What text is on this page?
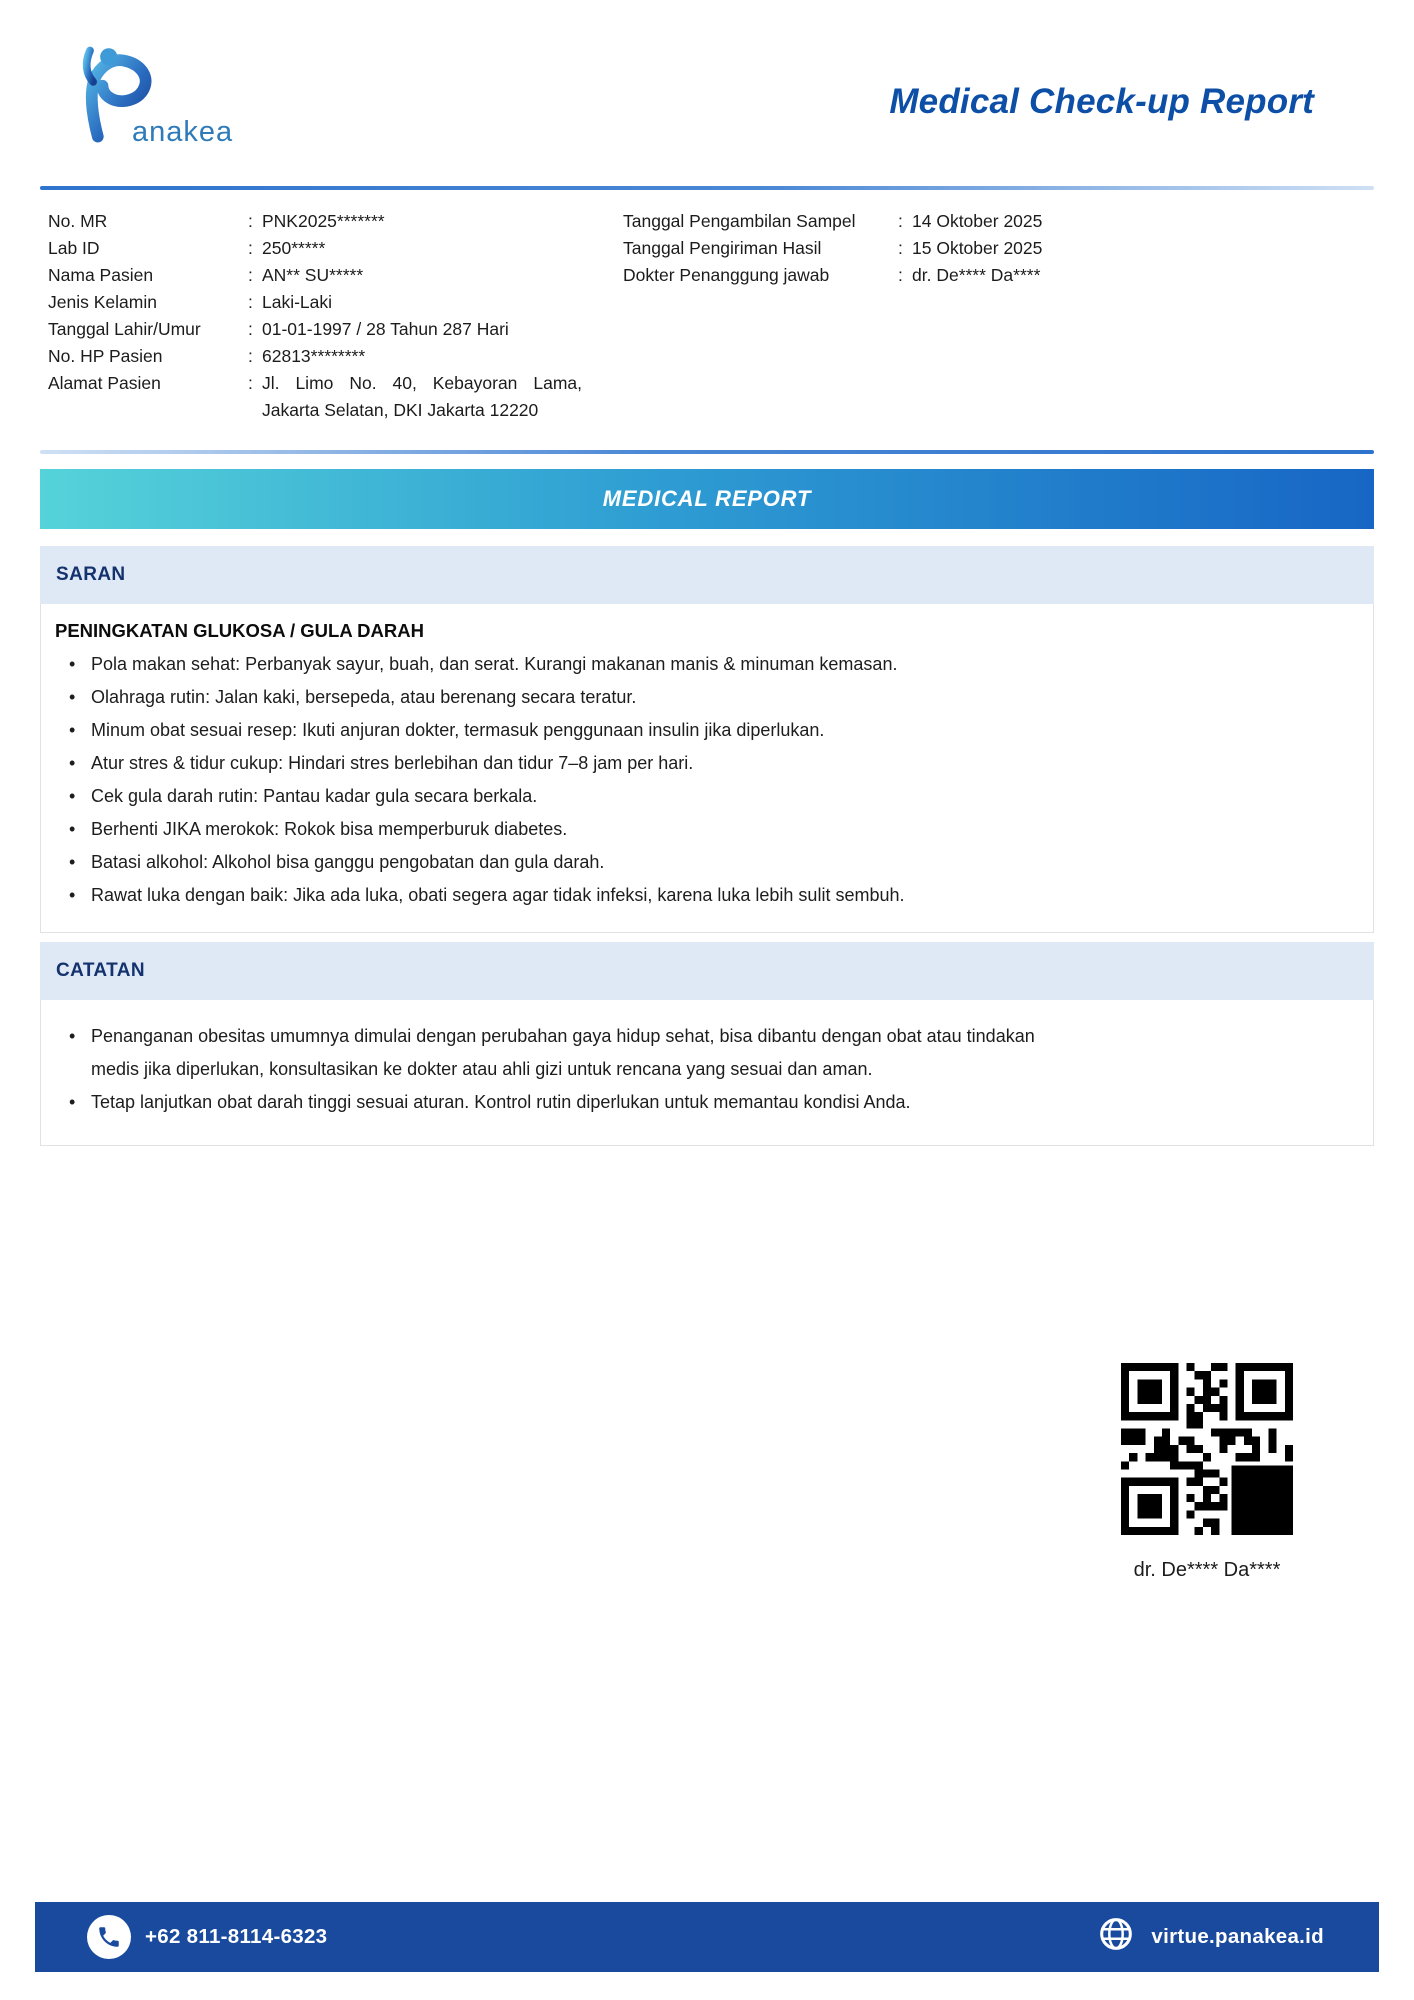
anakea
Medical Check-up Report
No. MR	: PNK2025*******
Lab ID	: 250*****
Nama Pasien	: AN** SU*****
Jenis Kelamin	: Laki-Laki
Tanggal Lahir/Umur	: 01-01-1997 / 28 Tahun 287 Hari
No. HP Pasien	: 62813********
Alamat Pasien	: Jl. Limo No. 40, Kebayoran Lama, Jakarta Selatan, DKI Jakarta 12220
Tanggal Pengambilan Sampel	: 14 Oktober 2025
Tanggal Pengiriman Hasil	: 15 Oktober 2025
Dokter Penanggung jawab	: dr. De**** Da****
MEDICAL REPORT
SARAN
PENINGKATAN GLUKOSA / GULA DARAH
• Pola makan sehat: Perbanyak sayur, buah, dan serat. Kurangi makanan manis & minuman kemasan.
• Olahraga rutin: Jalan kaki, bersepeda, atau berenang secara teratur.
• Minum obat sesuai resep: Ikuti anjuran dokter, termasuk penggunaan insulin jika diperlukan.
• Atur stres & tidur cukup: Hindari stres berlebihan dan tidur 7–8 jam per hari.
• Cek gula darah rutin: Pantau kadar gula secara berkala.
• Berhenti JIKA merokok: Rokok bisa memperburuk diabetes.
• Batasi alkohol: Alkohol bisa ganggu pengobatan dan gula darah.
• Rawat luka dengan baik: Jika ada luka, obati segera agar tidak infeksi, karena luka lebih sulit sembuh.
CATATAN
• Penanganan obesitas umumnya dimulai dengan perubahan gaya hidup sehat, bisa dibantu dengan obat atau tindakan medis jika diperlukan, konsultasikan ke dokter atau ahli gizi untuk rencana yang sesuai dan aman.
• Tetap lanjutkan obat darah tinggi sesuai aturan. Kontrol rutin diperlukan untuk memantau kondisi Anda.
dr. De**** Da****
+62 811-8114-6323	virtue.panakea.id
